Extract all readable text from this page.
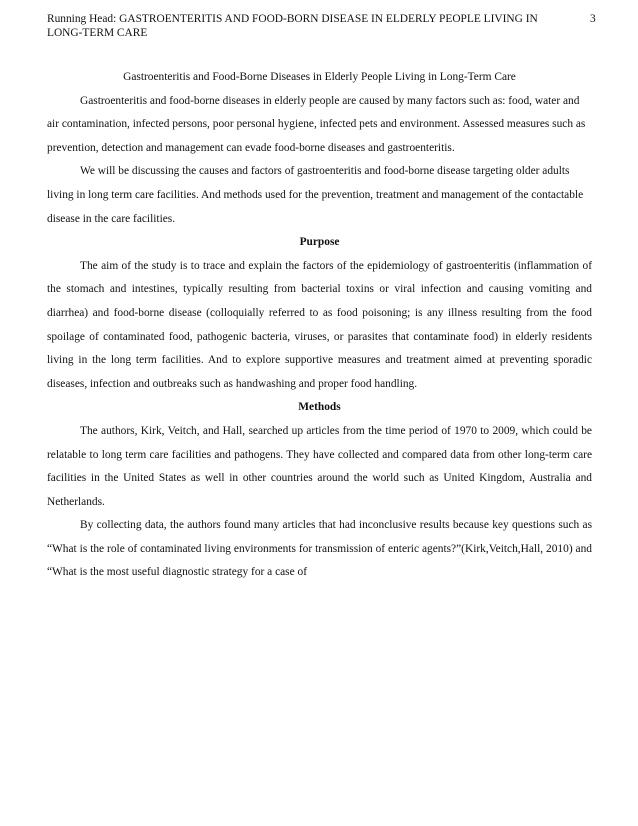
Running Head: GASTROENTERITIS AND FOOD-BORN DISEASE IN ELDERLY PEOPLE LIVING IN LONG-TERM CARE
3

Gastroenteritis and Food-Borne Diseases in Elderly People Living in Long-Term Care

Gastroenteritis and food-borne diseases in elderly people are caused by many factors such as: food, water and air contamination, infected persons, poor personal hygiene, infected pets and environment. Assessed measures such as prevention, detection and management can evade food-borne diseases and gastroenteritis.

We will be discussing the causes and factors of gastroenteritis and food-borne disease targeting older adults living in long term care facilities. And methods used for the prevention, treatment and management of the contactable disease in the care facilities.

Purpose

The aim of the study is to trace and explain the factors of the epidemiology of gastroenteritis (inflammation of the stomach and intestines, typically resulting from bacterial toxins or viral infection and causing vomiting and diarrhea) and food-borne disease (colloquially referred to as food poisoning; is any illness resulting from the food spoilage of contaminated food, pathogenic bacteria, viruses, or parasites that contaminate food) in elderly residents living in the long term facilities. And to explore supportive measures and treatment aimed at preventing sporadic diseases, infection and outbreaks such as handwashing and proper food handling.

Methods

The authors, Kirk, Veitch, and Hall, searched up articles from the time period of 1970 to 2009, which could be relatable to long term care facilities and pathogens. They have collected and compared data from other long-term care facilities in the United States as well in other countries around the world such as United Kingdom, Australia and Netherlands.

By collecting data, the authors found many articles that had inconclusive results because key questions such as “What is the role of contaminated living environments for transmission of enteric agents?”(Kirk,Veitch,Hall, 2010) and “What is the most useful diagnostic strategy for a case of
